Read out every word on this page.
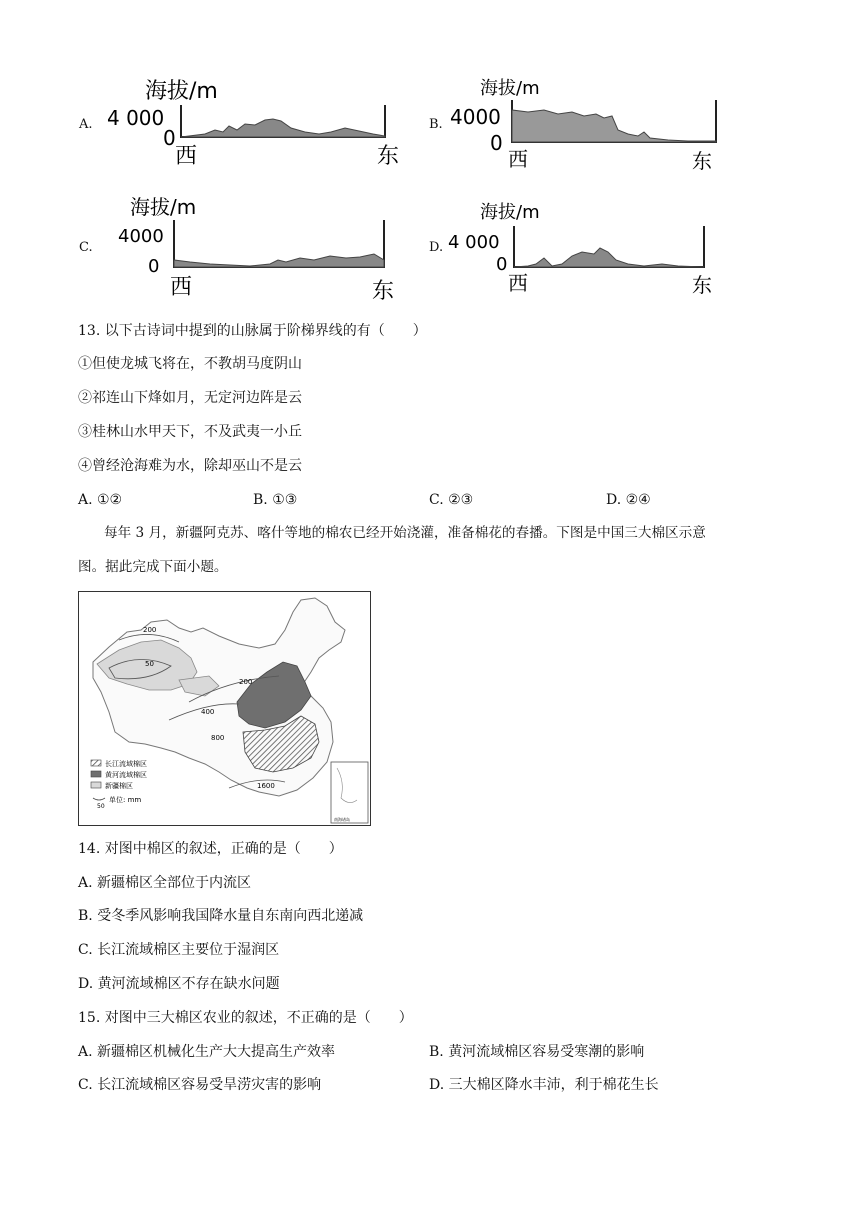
A.
海拔/m
4 000
0
西	东
B.
海拔/m
4000
0
西	东
C.
海拔/m
4000
0
西	东
D.
海拔/m
4 000
0
西	东
13. 以下古诗词中提到的山脉属于阶梯界线的有（　　）
①但使龙城飞将在，不教胡马度阴山
②祁连山下烽如月，无定河边阵是云
③桂林山水甲天下，不及武夷一小丘
④曾经沧海难为水，除却巫山不是云
A. ①②	B. ①③	C. ②③	D. ②④
每年 3 月，新疆阿克苏、喀什等地的棉农已经开始浇灌，准备棉花的春播。下图是中国三大棉区示意
图。据此完成下面小题。
200
50
200
400
800
1600
南海诸岛
长江流域棉区
黄河流域棉区
新疆棉区
50
单位: mm
14. 对图中棉区的叙述，正确的是（　　）
A. 新疆棉区全部位于内流区
B. 受冬季风影响我国降水量自东南向西北递减
C. 长江流域棉区主要位于湿润区
D. 黄河流域棉区不存在缺水问题
15. 对图中三大棉区农业的叙述，不正确的是（　　）
A. 新疆棉区机械化生产大大提高生产效率	B. 黄河流域棉区容易受寒潮的影响
C. 长江流域棉区容易受旱涝灾害的影响	D. 三大棉区降水丰沛，利于棉花生长
